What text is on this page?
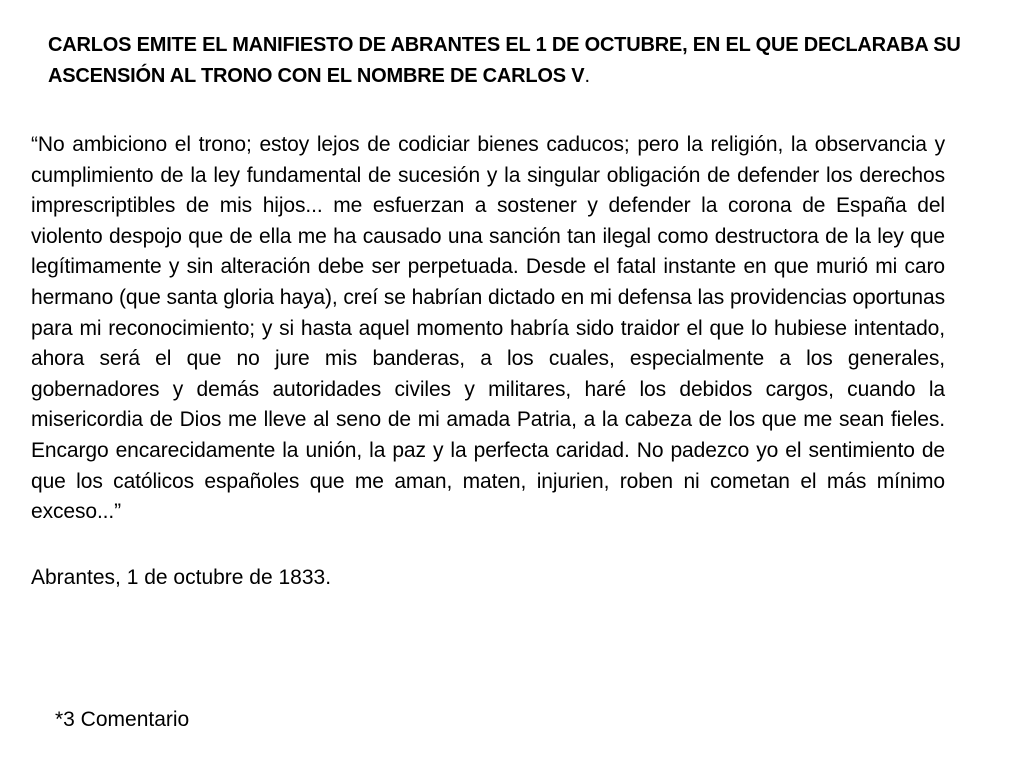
CARLOS EMITE EL MANIFIESTO DE ABRANTES EL 1 DE OCTUBRE, EN EL QUE DECLARABA SU ASCENSIÓN AL TRONO CON EL NOMBRE DE CARLOS V.

“No ambiciono el trono; estoy lejos de codiciar bienes caducos; pero la religión, la observancia y cumplimiento de la ley fundamental de sucesión y la singular obligación de defender los derechos imprescriptibles de mis hijos... me esfuerzan a sostener y defender la corona de España del violento despojo que de ella me ha causado una sanción tan ilegal como destructora de la ley que legítimamente y sin alteración debe ser perpetuada. Desde el fatal instante en que murió mi caro hermano (que santa gloria haya), creí se habrían dictado en mi defensa las providencias oportunas para mi reconocimiento; y si hasta aquel momento habría sido traidor el que lo hubiese intentado, ahora será el que no jure mis banderas, a los cuales, especialmente a los generales, gobernadores y demás autoridades civiles y militares, haré los debidos cargos, cuando la misericordia de Dios me lleve al seno de mi amada Patria, a la cabeza de los que me sean fieles. Encargo encarecidamente la unión, la paz y la perfecta caridad. No padezco yo el sentimiento de que los católicos españoles que me aman, maten, injurien, roben ni cometan el más mínimo exceso...”

Abrantes, 1 de octubre de 1833.
*3 Comentario
